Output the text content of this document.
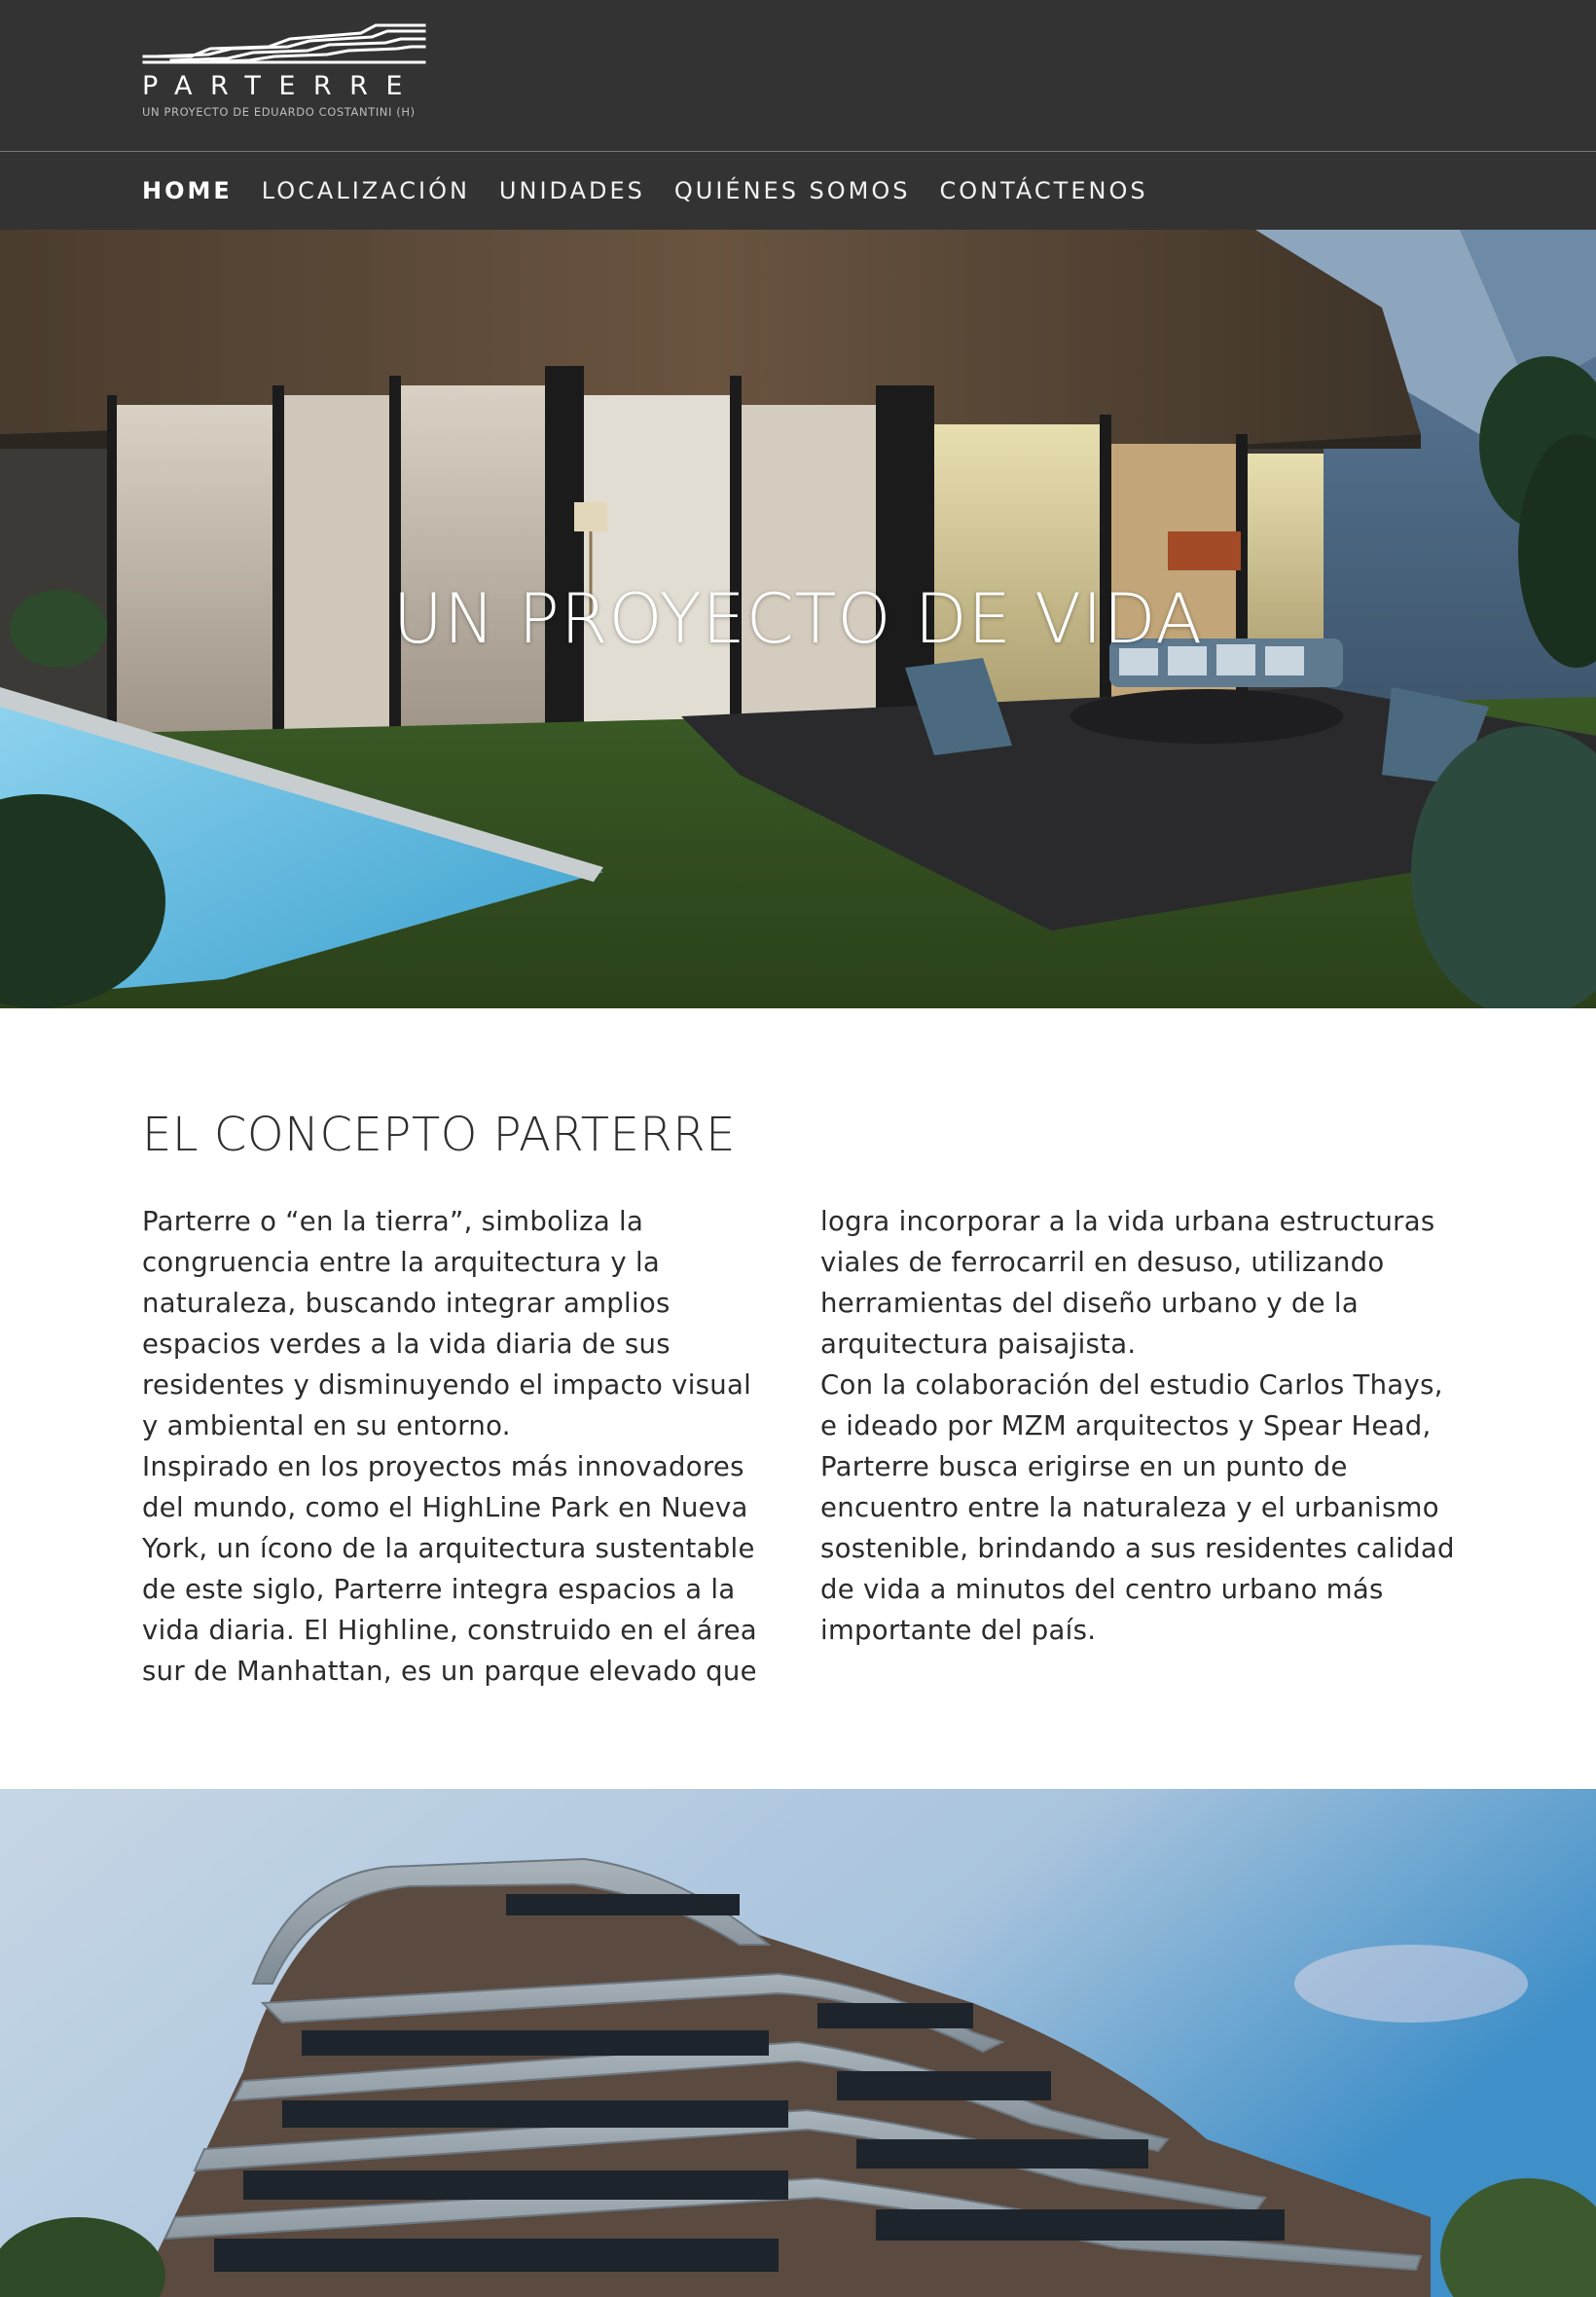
PARTERRE
UN PROYECTO DE EDUARDO COSTANTINI (H)
HOME LOCALIZACIÓN UNIDADES QUIÉNES SOMOS CONTÁCTENOS
UN PROYECTO DE VIDA
EL CONCEPTO PARTERRE

Parterre o “en la tierra”, simboliza la congruencia entre la arquitectura y la naturaleza, buscando integrar amplios espacios verdes a la vida diaria de sus residentes y disminuyendo el impacto visual y ambiental en su entorno.

Inspirado en los proyectos más innovadores del mundo, como el HighLine Park en Nueva York, un ícono de la arquitectura sustentable de este siglo, Parterre integra espacios a la vida diaria. El Highline, construido en el área sur de Manhattan, es un parque elevado que

logra incorporar a la vida urbana estructuras viales de ferrocarril en desuso, utilizando herramientas del diseño urbano y de la arquitectura paisajista.

Con la colaboración del estudio Carlos Thays, e ideado por MZM arquitectos y Spear Head, Parterre busca erigirse en un punto de encuentro entre la naturaleza y el urbanismo sostenible, brindando a sus residentes calidad de vida a minutos del centro urbano más importante del país.
